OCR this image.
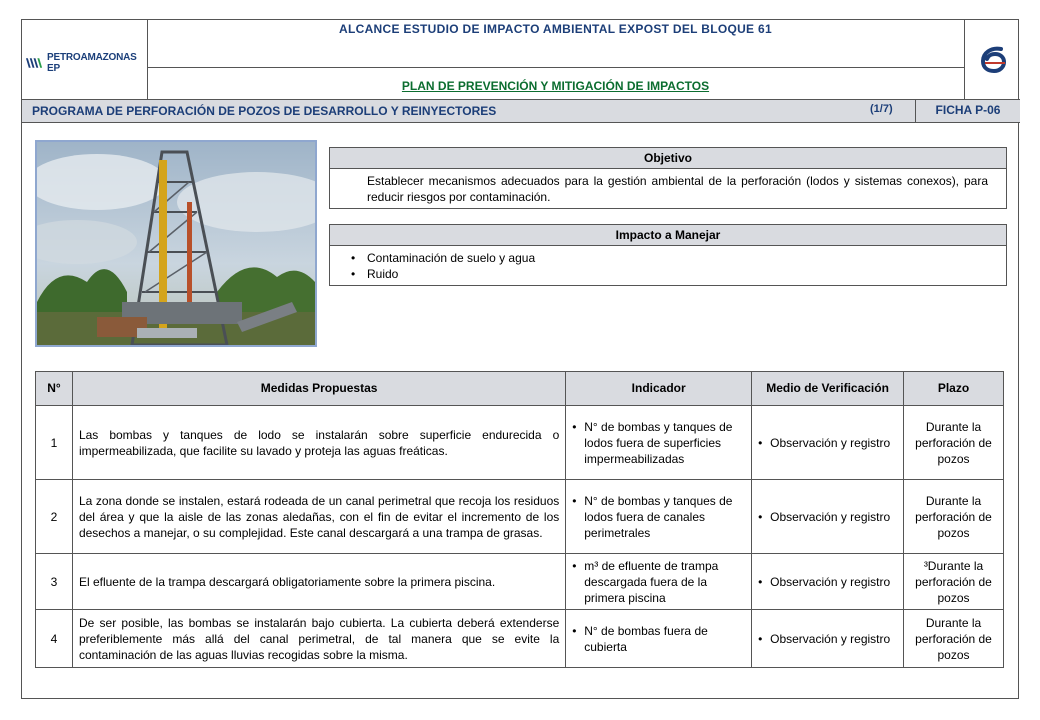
PETROAMAZONAS EP
ALCANCE ESTUDIO DE IMPACTO AMBIENTAL EXPOST DEL BLOQUE 61
PLAN DE PREVENCIÓN Y MITIGACIÓN DE IMPACTOS
PROGRAMA DE PERFORACIÓN DE POZOS DE DESARROLLO Y REINYECTORES	(1/7)	FICHA P-06
Objetivo
Establecer mecanismos adecuados para la gestión ambiental de la perforación (lodos y sistemas conexos), para reducir riesgos por contaminación.
Impacto a Manejar
• Contaminación de suelo y agua
• Ruido
N°	Medidas Propuestas	Indicador	Medio de Verificación	Plazo
1	Las bombas y tanques de lodo se instalarán sobre superficie endurecida o impermeabilizada, que facilite su lavado y proteja las aguas freáticas.	• N° de bombas y tanques de lodos fuera de superficies impermeabilizadas	• Observación y registro	Durante la perforación de pozos
2	La zona donde se instalen, estará rodeada de un canal perimetral que recoja los residuos del área y que la aisle de las zonas aledañas, con el fin de evitar el incremento de los desechos a manejar, o su complejidad. Este canal descargará a una trampa de grasas.	• N° de bombas y tanques de lodos fuera de canales perimetrales	• Observación y registro	Durante la perforación de pozos
3	El efluente de la trampa descargará obligatoriamente sobre la primera piscina.	• m³ de efluente de trampa descargada fuera de la primera piscina	• Observación y registro	³Durante la perforación de pozos
4	De ser posible, las bombas se instalarán bajo cubierta. La cubierta deberá extenderse preferiblemente más allá del canal perimetral, de tal manera que se evite la contaminación de las aguas lluvias recogidas sobre la misma.	• N° de bombas fuera de cubierta	• Observación y registro	Durante la perforación de pozos
